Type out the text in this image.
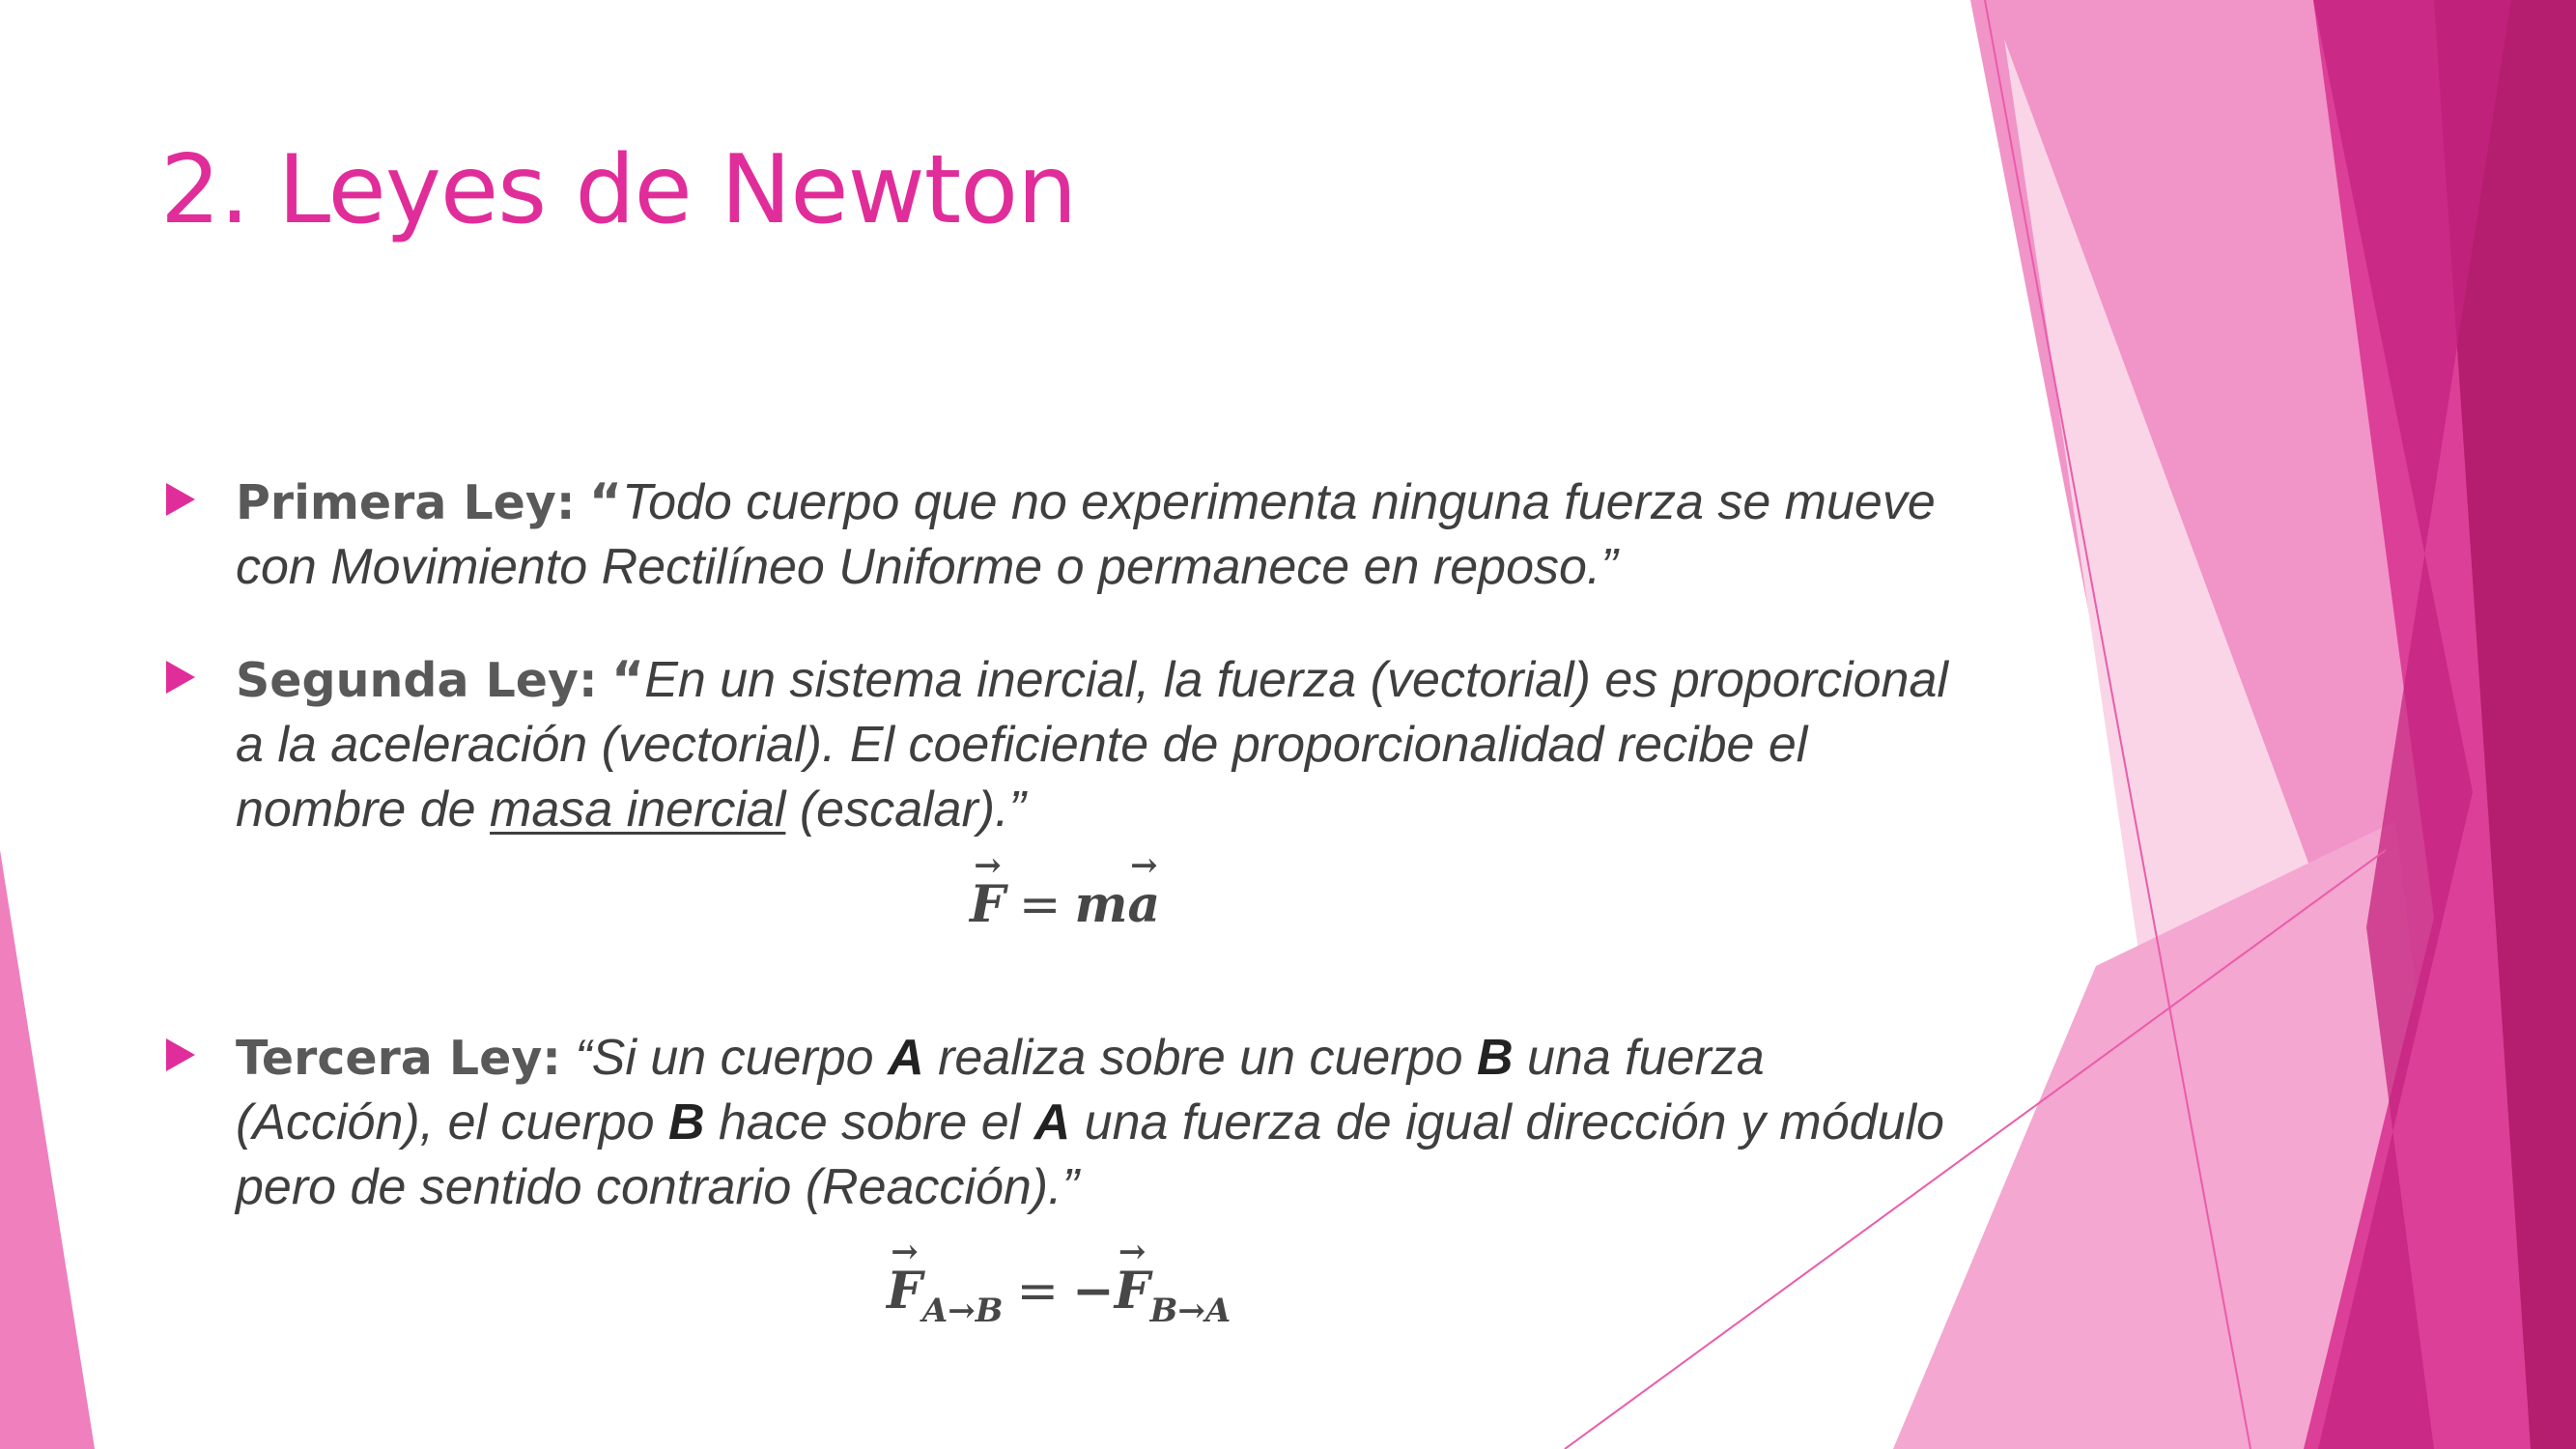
2. Leyes de Newton
Primera Ley: “Todo cuerpo que no experimenta ninguna fuerza se mueve con Movimiento Rectilíneo Uniforme o permanece en reposo.”
Segunda Ley: “En un sistema inercial, la fuerza (vectorial) es proporcional a la aceleración (vectorial). El coeficiente de proporcionalidad recibe el nombre de masa inercial (escalar).”
F → = ma →
Tercera Ley: “Si un cuerpo A realiza sobre un cuerpo B una fuerza (Acción), el cuerpo B hace sobre el A una fuerza de igual dirección y módulo pero de sentido contrario (Reacción).”
$F \to_{A\to B} = -F \to_{B\to A}$
